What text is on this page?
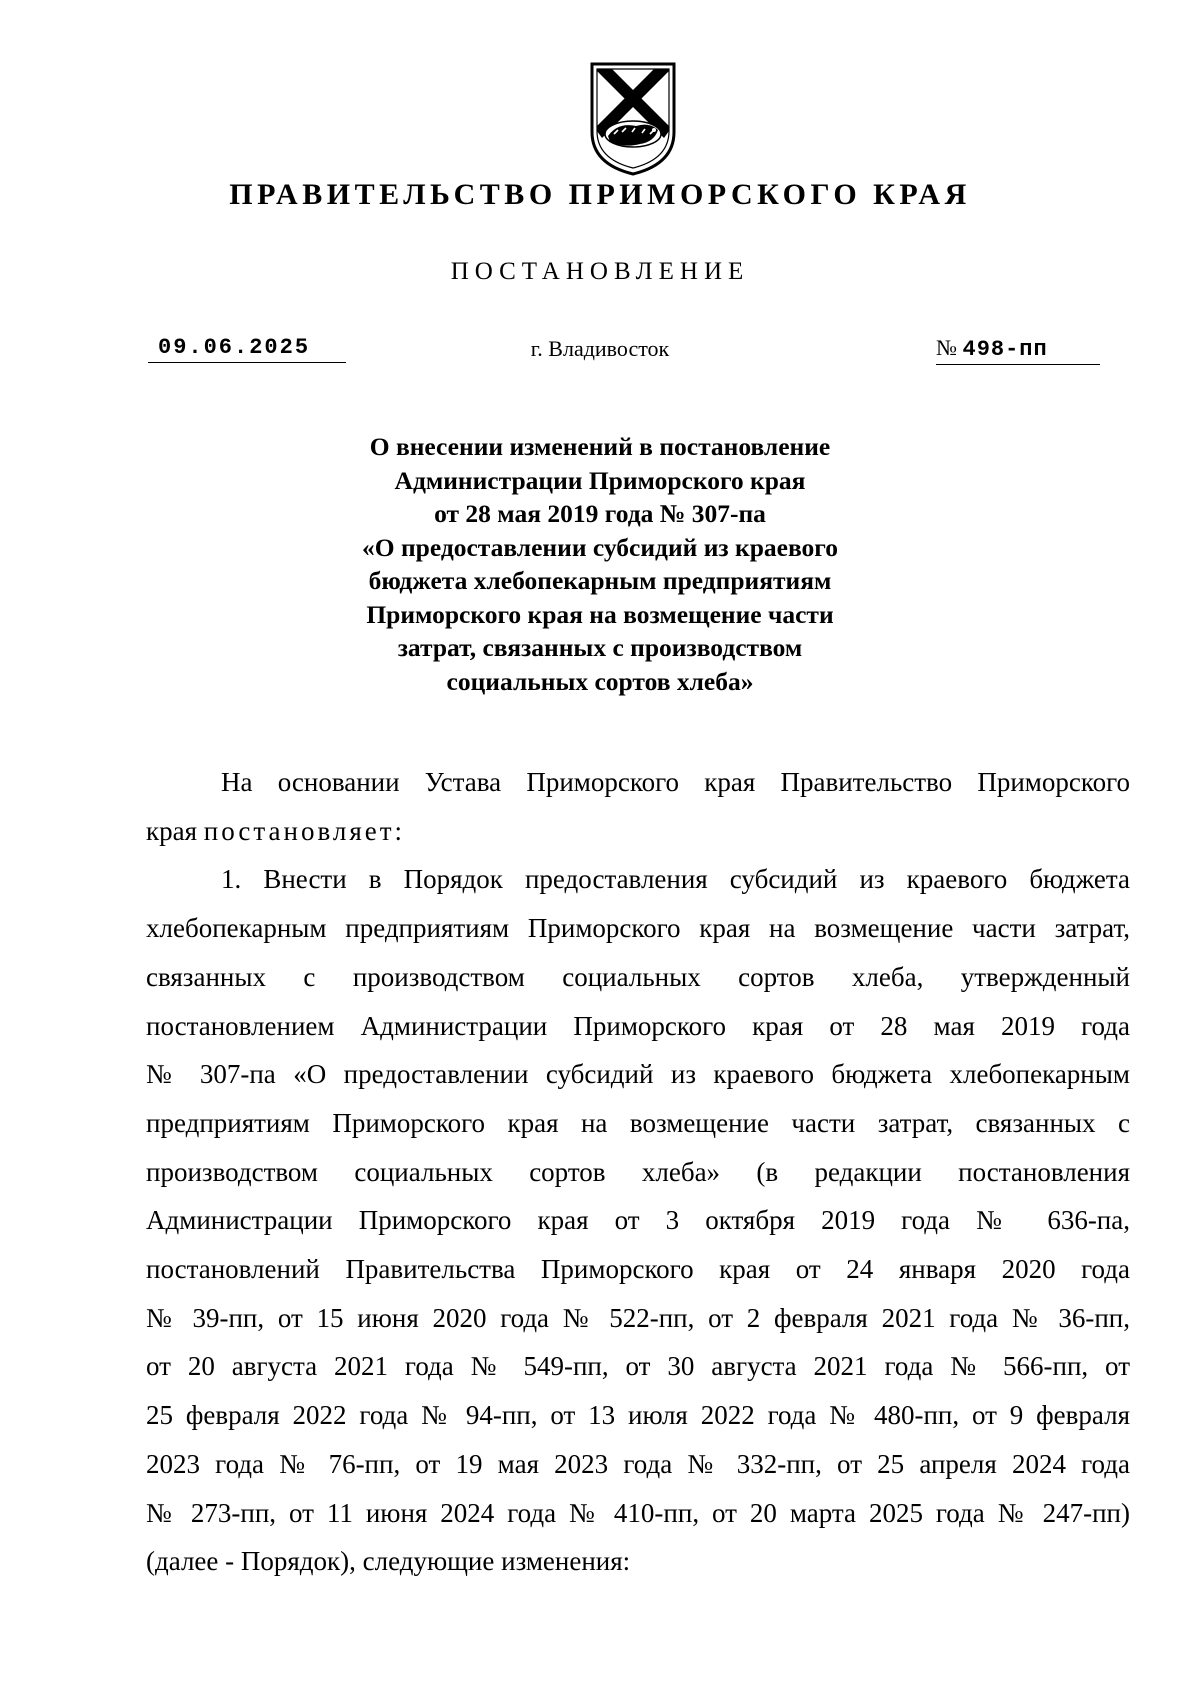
ПРАВИТЕЛЬСТВО ПРИМОРСКОГО КРАЯ
ПОСТАНОВЛЕНИЕ
09.06.2025	г. Владивосток	№ 498-пп
О внесении изменений в постановление
Администрации Приморского края
от 28 мая 2019 года № 307-па
«О предоставлении субсидий из краевого
бюджета хлебопекарным предприятиям
Приморского края на возмещение части
затрат, связанных с производством
социальных сортов хлеба»
На основании Устава Приморского края Правительство Приморского
края постановляет:
1. Внести в Порядок предоставления субсидий из краевого бюджета
хлебопекарным предприятиям Приморского края на возмещение части затрат,
связанных с производством социальных сортов хлеба, утвержденный
постановлением Администрации Приморского края от 28 мая 2019 года
№ 307-па «О предоставлении субсидий из краевого бюджета хлебопекарным
предприятиям Приморского края на возмещение части затрат, связанных с
производством социальных сортов хлеба» (в редакции постановления
Администрации Приморского края от 3 октября 2019 года № 636-па,
постановлений Правительства Приморского края от 24 января 2020 года
№ 39-пп, от 15 июня 2020 года № 522-пп, от 2 февраля 2021 года № 36-пп,
от 20 августа 2021 года № 549-пп, от 30 августа 2021 года № 566-пп, от
25 февраля 2022 года № 94-пп, от 13 июля 2022 года № 480-пп, от 9 февраля
2023 года № 76-пп, от 19 мая 2023 года № 332-пп, от 25 апреля 2024 года
№ 273-пп, от 11 июня 2024 года № 410-пп, от 20 марта 2025 года № 247-пп)
(далее - Порядок), следующие изменения:
